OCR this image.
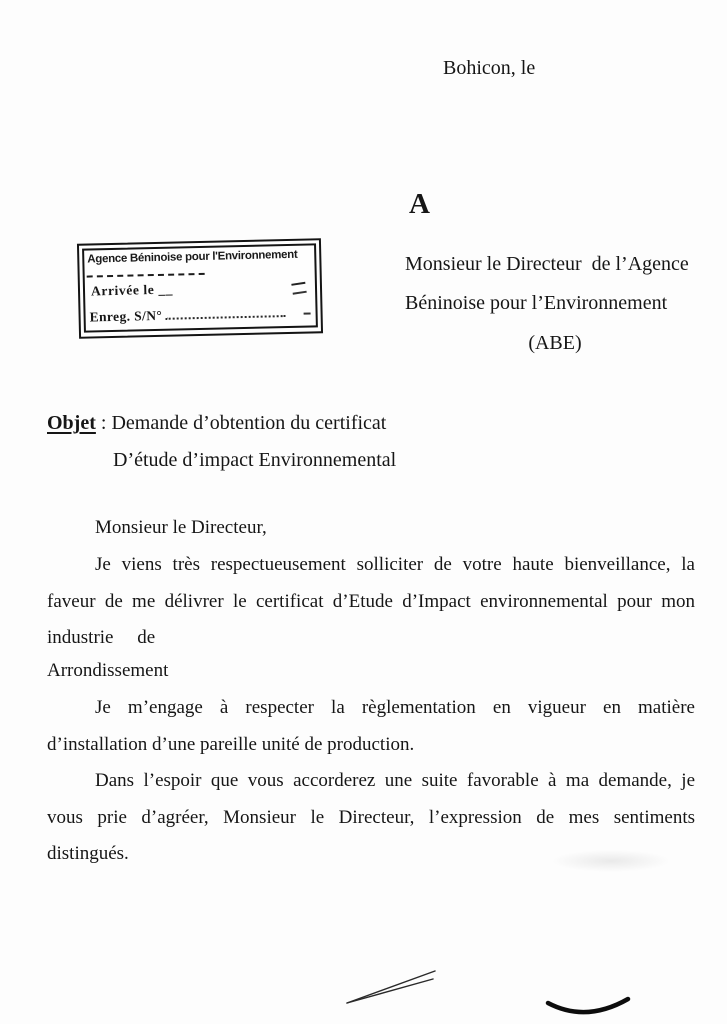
Bohicon, le
Agence Béninoise pour l'Environnement
Arrivée le __
Enreg. S/N°
A
Monsieur le Directeur  de l’Agence
Béninoise pour l’Environnement
(ABE)
Objet : Demande d’obtention du certificat
D’étude d’impact Environnemental
Monsieur le Directeur,
Je viens très respectueusement solliciter de votre haute bienveillance, la
faveur de me délivrer le certificat d’Etude d’Impact environnemental pour mon
industrie     de
Arrondissement
Je m’engage à respecter la règlementation en vigueur en matière
d’installation d’une pareille unité de production.
Dans l’espoir que vous accorderez une suite favorable à ma demande, je
vous prie d’agréer, Monsieur le Directeur, l’expression de mes sentiments
distingués.
